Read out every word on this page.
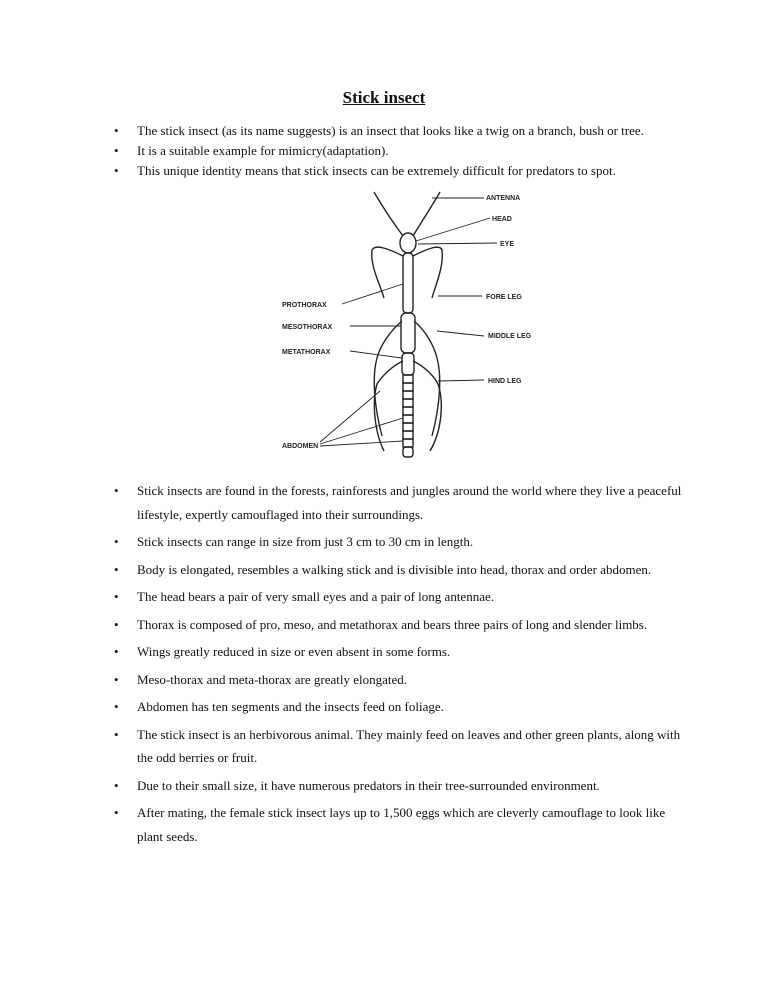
Stick insect
• The stick insect (as its name suggests) is an insect that looks like a twig on a branch, bush or tree.
• It is a suitable example for mimicry(adaptation).
• This unique identity means that stick insects can be extremely difficult for predators to spot.
ANTENNA
HEAD
EYE
FORE LEG
MIDDLE LEG
HIND LEG
PROTHORAX
MESOTHORAX
METATHORAX
ABDOMEN
• Stick insects are found in the forests, rainforests and jungles around the world where they live a peaceful lifestyle, expertly camouflaged into their surroundings.
• Stick insects can range in size from just 3 cm to 30 cm in length.
• Body is elongated, resembles a walking stick and is divisible into head, thorax and order abdomen.
• The head bears a pair of very small eyes and a pair of long antennae.
• Thorax is composed of pro, meso, and metathorax and bears three pairs of long and slender limbs.
• Wings greatly reduced in size or even absent in some forms.
• Meso-thorax and meta-thorax are greatly elongated.
• Abdomen has ten segments and the insects feed on foliage.
• The stick insect is an herbivorous animal. They mainly feed on leaves and other green plants, along with the odd berries or fruit.
• Due to their small size, it have numerous predators in their tree-surrounded environment.
• After mating, the female stick insect lays up to 1,500 eggs which are cleverly camouflage to look like plant seeds.
